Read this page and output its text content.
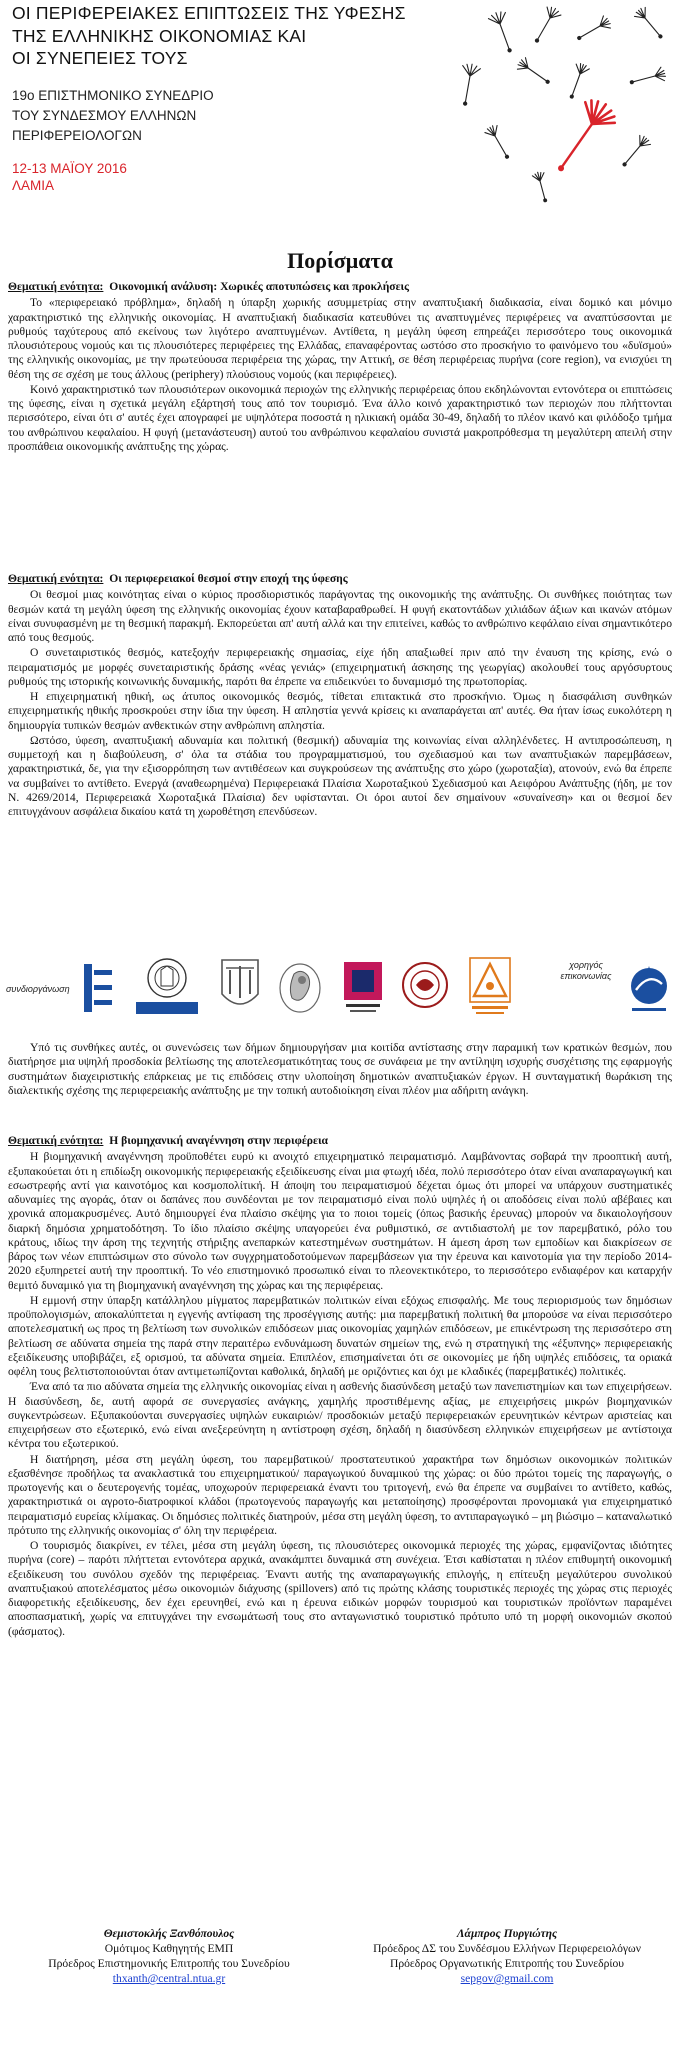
ΟΙ ΠΕΡΙΦΕΡΕΙΑΚΕΣ ΕΠΙΠΤΩΣΕΙΣ ΤΗΣ ΥΦΕΣΗΣ
ΤΗΣ ΕΛΛΗΝΙΚΗΣ ΟΙΚΟΝΟΜΙΑΣ ΚΑΙ
ΟΙ ΣΥΝΕΠΕΙΕΣ ΤΟΥΣ
19ο ΕΠΙΣΤΗΜΟΝΙΚΟ ΣΥΝΕΔΡΙΟ
ΤΟΥ ΣΥΝΔΕΣΜΟΥ ΕΛΛΗΝΩΝ
ΠΕΡΙΦΕΡΕΙΟΛΟΓΩΝ
12-13 ΜΑΪΟΥ 2016
ΛΑΜΙΑ
Πορίσματα

Θεματική ενότητα: Οικονομική ανάλυση: Χωρικές αποτυπώσεις και προκλήσεις

Το «περιφερειακό πρόβλημα», δηλαδή η ύπαρξη χωρικής ασυμμετρίας στην αναπτυξιακή διαδικασία, είναι δομικό και μόνιμο χαρακτηριστικό της ελληνικής οικονομίας. Η αναπτυξιακή διαδικασία κατευθύνει τις αναπτυγμένες περιφέρειες να αναπτύσσονται με ρυθμούς ταχύτερους από εκείνους των λιγότερο αναπτυγμένων. Αντίθετα, η μεγάλη ύφεση επηρεάζει περισσότερο τους οικονομικά πλουσιότερους νομούς και τις πλουσιότερες περιφέρειες της Ελλάδας, επαναφέροντας ωστόσο στο προσκήνιο το φαινόμενο του «δυϊσμού» της ελληνικής οικονομίας, με την πρωτεύουσα περιφέρεια της χώρας, την Αττική, σε θέση περιφέρειας πυρήνα (core region), να ενισχύει τη θέση της σε σχέση με τους άλλους (periphery) πλούσιους νομούς (και περιφέρειες).

Κοινό χαρακτηριστικό των πλουσιότερων οικονομικά περιοχών της ελληνικής περιφέρειας όπου εκδηλώνονται εντονότερα οι επιπτώσεις της ύφεσης, είναι η σχετικά μεγάλη εξάρτησή τους από τον τουρισμό. Ένα άλλο κοινό χαρακτηριστικό των περιοχών που πλήττονται περισσότερο, είναι ότι σ' αυτές έχει απογραφεί με υψηλότερα ποσοστά η ηλικιακή ομάδα 30-49, δηλαδή το πλέον ικανό και φιλόδοξο τμήμα του ανθρώπινου κεφαλαίου. Η φυγή (μετανάστευση) αυτού του ανθρώπινου κεφαλαίου συνιστά μακροπρόθεσμα τη μεγαλύτερη απειλή στην προσπάθεια οικονομικής ανάπτυξης της χώρας.

Θεματική ενότητα: Οι περιφερειακοί θεσμοί στην εποχή της ύφεσης

Οι θεσμοί μιας κοινότητας είναι ο κύριος προσδιοριστικός παράγοντας της οικονομικής της ανάπτυξης. Οι συνθήκες ποιότητας των θεσμών κατά τη μεγάλη ύφεση της ελληνικής οικονομίας έχουν καταβαραθρωθεί. Η φυγή εκατοντάδων χιλιάδων άξιων και ικανών ατόμων είναι συνυφασμένη με τη θεσμική παρακμή. Εκπορεύεται απ' αυτή αλλά και την επιτείνει, καθώς το ανθρώπινο κεφάλαιο είναι σημαντικότερο από τους θεσμούς.

Ο συνεταιριστικός θεσμός, κατεξοχήν περιφερειακής σημασίας, είχε ήδη απαξιωθεί πριν από την έναυση της κρίσης, ενώ ο πειραματισμός με μορφές συνεταιριστικής δράσης «νέας γενιάς» (επιχειρηματική άσκησης της γεωργίας) ακολουθεί τους αργόσυρτους ρυθμούς της ιστορικής κοινωνικής δυναμικής, παρότι θα έπρεπε να επιδεικνύει το δυναμισμό της πρωτοπορίας.

Η επιχειρηματική ηθική, ως άτυπος οικονομικός θεσμός, τίθεται επιτακτικά στο προσκήνιο. Όμως η διασφάλιση συνθηκών επιχειρηματικής ηθικής προσκρούει στην ίδια την ύφεση. Η απληστία γεννά κρίσεις κι αναπαράγεται απ' αυτές. Θα ήταν ίσως ευκολότερη η δημιουργία τυπικών θεσμών ανθεκτικών στην ανθρώπινη απληστία.

Ωστόσο, ύφεση, αναπτυξιακή αδυναμία και πολιτική (θεσμική) αδυναμία της κοινωνίας είναι αλληλένδετες. Η αντιπροσώπευση, η συμμετοχή και η διαβούλευση, σ' όλα τα στάδια του προγραμματισμού, του σχεδιασμού και των αναπτυξιακών παρεμβάσεων, χαρακτηριστικά, δε, για την εξισορρόπηση των αντιθέσεων και συγκρούσεων της ανάπτυξης στο χώρο (χωροταξία), ατονούν, ενώ θα έπρεπε να συμβαίνει το αντίθετο. Ενεργά (αναθεωρημένα) Περιφερειακά Πλαίσια Χωροταξικού Σχεδιασμού και Αειφόρου Ανάπτυξης (ήδη, με τον Ν. 4269/2014, Περιφερειακά Χωροταξικά Πλαίσια) δεν υφίστανται. Οι όροι αυτοί δεν σημαίνουν «συναίνεση» και οι θεσμοί δεν επιτυγχάνουν ασφάλεια δικαίου κατά τη χωροθέτηση επενδύσεων.

συνδιοργάνωση
χορηγός επικοινωνίας

Υπό τις συνθήκες αυτές, οι συνενώσεις των δήμων δημιουργήσαν μια κοιτίδα αντίστασης στην παραμική των κρατικών θεσμών, που διατήρησε μια υψηλή προσδοκία βελτίωσης της αποτελεσματικότητας τους σε συνάφεια με την αντίληψη ισχυρής συσχέτισης της εφαρμογής συστημάτων διαχειριστικής επάρκειας με τις επιδόσεις στην υλοποίηση δημοτικών αναπτυξιακών έργων. Η συνταγματική θωράκιση της διαλεκτικής σχέσης της περιφερειακής ανάπτυξης με την τοπική αυτοδιοίκηση είναι πλέον μια αδήριτη ανάγκη.

Θεματική ενότητα: Η βιομηχανική αναγέννηση στην περιφέρεια

Η βιομηχανική αναγέννηση προϋποθέτει ευρύ κι ανοιχτό επιχειρηματικό πειραματισμό. Λαμβάνοντας σοβαρά την προοπτική αυτή, εξυπακούεται ότι η επιδίωξη οικονομικής περιφερειακής εξειδίκευσης είναι μια φτωχή ιδέα, πολύ περισσότερο όταν είναι αναπαραγωγική και εσωστρεφής αντί για καινοτόμος και κοσμοπολίτική. Η άποψη του πειραματισμού δέχεται όμως ότι μπορεί να υπάρχουν συστηματικές αδυναμίες της αγοράς, όταν οι δαπάνες που συνδέονται με τον πειραματισμό είναι πολύ υψηλές ή οι αποδόσεις είναι πολύ αβέβαιες και χρονικά απομακρυσμένες. Αυτό δημιουργεί ένα πλαίσιο σκέψης για το ποιοι τομείς (όπως βασικής έρευνας) μπορούν να δικαιολογήσουν διαρκή δημόσια χρηματοδότηση. Το ίδιο πλαίσιο σκέψης υπαγορεύει ένα ρυθμιστικό, σε αντιδιαστολή με τον παρεμβατικό, ρόλο του κράτους, ιδίως την άρση της τεχνητής στήριξης ανεπαρκών κατεστημένων συστημάτων. Η άμεση άρση των εμποδίων και διακρίσεων σε βάρος των νέων επιπτώσιμων στο σύνολο των συγχρηματοδοτούμενων παρεμβάσεων για την έρευνα και καινοτομία για την περίοδο 2014-2020 εξυπηρετεί αυτή την προοπτική. Το νέο επιστημονικό προσωπικό είναι το πλεονεκτικότερο, το περισσότερο ενδιαφέρον και καταρχήν θεμιτό δυναμικό για τη βιομηχανική αναγέννηση της χώρας και της περιφέρειας.

Η εμμονή στην ύπαρξη κατάλληλου μίγματος παρεμβατικών πολιτικών είναι εξόχως επισφαλής. Με τους περιορισμούς των δημόσιων προϋπολογισμών, αποκαλύπτεται η εγγενής αντίφαση της προσέγγισης αυτής: μια παρεμβατική πολιτική θα μπορούσε να είναι περισσότερο αποτελεσματική ως προς τη βελτίωση των συνολικών επιδόσεων μιας οικονομίας χαμηλών επιδόσεων, με επικέντρωση της περισσότερο στη βελτίωση σε αδύνατα σημεία της παρά στην περαιτέρω ενδυνάμωση δυνατών σημείων της, ενώ η στρατηγική της «έξυπνης» περιφερειακής εξειδίκευσης υποβιβάζει, εξ ορισμού, τα αδύνατα σημεία. Επιπλέον, επισημαίνεται ότι σε οικονομίες με ήδη υψηλές επιδόσεις, τα οριακά οφέλη τους βελτιστοποιούνται όταν αντιμετωπίζονται καθολικά, δηλαδή με οριζόντιες και όχι με κλαδικές (παρεμβατικές) πολιτικές.

Ένα από τα πιο αδύνατα σημεία της ελληνικής οικονομίας είναι η ασθενής διασύνδεση μεταξύ των πανεπιστημίων και των επιχειρήσεων. Η διασύνδεση, δε, αυτή αφορά σε συνεργασίες ανάγκης, χαμηλής προστιθέμενης αξίας, με επιχειρήσεις μικρών βιομηχανικών συγκεντρώσεων. Εξυπακούονται συνεργασίες υψηλών ευκαιριών/ προσδοκιών μεταξύ περιφερειακών ερευνητικών κέντρων αριστείας και επιχειρήσεων στο εξωτερικό, ενώ είναι ανεξερεύνητη η αντίστροφη σχέση, δηλαδή η διασύνδεση ελληνικών επιχειρήσεων με αντίστοιχα κέντρα του εξωτερικού.

Η διατήρηση, μέσα στη μεγάλη ύφεση, του παρεμβατικού/ προστατευτικού χαρακτήρα των δημόσιων οικονομικών πολιτικών εξασθένησε προδήλως τα ανακλαστικά του επιχειρηματικού/ παραγωγικού δυναμικού της χώρας: οι δύο πρώτοι τομείς της παραγωγής, ο πρωτογενής και ο δευτερογενής τομέας, υποχωρούν περιφερειακά έναντι του τριτογενή, ενώ θα έπρεπε να συμβαίνει το αντίθετο, καθώς, χαρακτηριστικά οι αγροτο-διατροφικοί κλάδοι (πρωτογενούς παραγωγής και μεταποίησης) προσφέρονται προνομιακά για επιχειρηματικό πειραματισμό ευρείας κλίμακας. Οι δημόσιες πολιτικές διατηρούν, μέσα στη μεγάλη ύφεση, το αντιπαραγωγικό – μη βιώσιμο – καταναλωτικό πρότυπο της ελληνικής οικονομίας σ' όλη την περιφέρεια.

Ο τουρισμός διακρίνει, εν τέλει, μέσα στη μεγάλη ύφεση, τις πλουσιότερες οικονομικά περιοχές της χώρας, εμφανίζοντας ιδιότητες πυρήνα (core) – παρότι πλήττεται εντονότερα αρχικά, ανακάμπτει δυναμικά στη συνέχεια. Έτσι καθίσταται η πλέον επιθυμητή οικονομική εξειδίκευση του συνόλου σχεδόν της περιφέρειας. Έναντι αυτής της αναπαραγωγικής επιλογής, η επίτευξη μεγαλύτερου συνολικού αναπτυξιακού αποτελέσματος μέσω οικονομιών διάχυσης (spillovers) από τις πρώτης κλάσης τουριστικές περιοχές της χώρας στις περιοχές διαφορετικής εξειδίκευσης, δεν έχει ερευνηθεί, ενώ και η έρευνα ειδικών μορφών τουρισμού και τουριστικών προϊόντων παραμένει αποσπασματική, χωρίς να επιτυγχάνει την ενσωμάτωσή τους στο ανταγωνιστικό τουριστικό πρότυπο υπό τη μορφή οικονομιών σκοπού (φάσματος).

Θεμιστοκλής Ξανθόπουλος
Ομότιμος Καθηγητής ΕΜΠ
Πρόεδρος Επιστημονικής Επιτροπής του Συνεδρίου
thxanth@central.ntua.gr
Λάμπρος Πυργιώτης
Πρόεδρος ΔΣ του Συνδέσμου Ελλήνων Περιφερειολόγων
Πρόεδρος Οργανωτικής Επιτροπής του Συνεδρίου
sepgov@gmail.com
